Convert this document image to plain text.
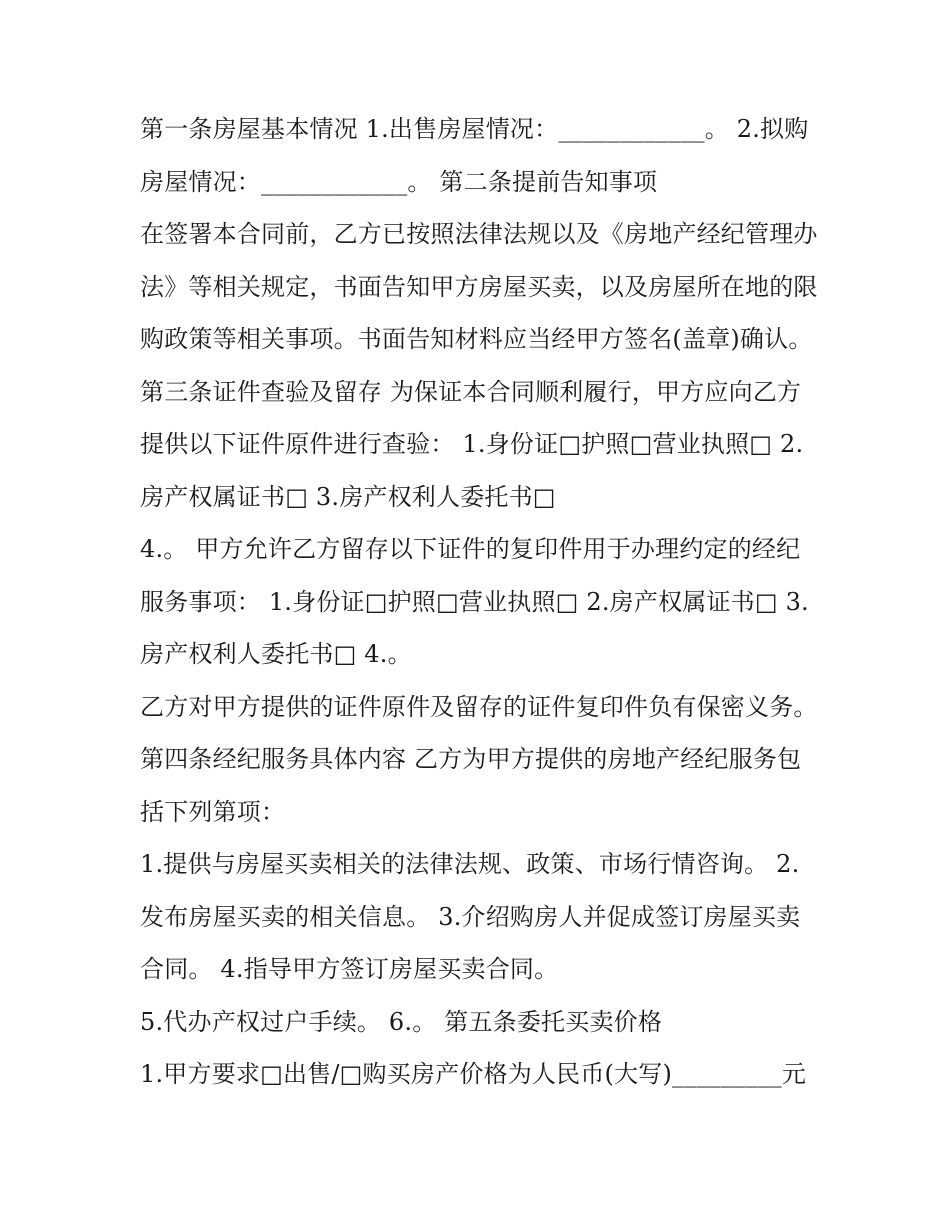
第一条房屋基本情况 1.出售房屋情况：____________。 2.拟购房屋情况：____________。 第二条提前告知事项

在签署本合同前，乙方已按照法律法规以及《房地产经纪管理办法》等相关规定，书面告知甲方房屋买卖，以及房屋所在地的限购政策等相关事项。书面告知材料应当经甲方签名(盖章)确认。

第三条证件查验及留存 为保证本合同顺利履行，甲方应向乙方提供以下证件原件进行查验： 1.身份证□护照□营业执照□ 2.房产权属证书□ 3.房产权利人委托书□

4.。 甲方允许乙方留存以下证件的复印件用于办理约定的经纪服务事项： 1.身份证□护照□营业执照□ 2.房产权属证书□ 3.房产权利人委托书□ 4.。

乙方对甲方提供的证件原件及留存的证件复印件负有保密义务。 第四条经纪服务具体内容 乙方为甲方提供的房地产经纪服务包括下列第项：

1.提供与房屋买卖相关的法律法规、政策、市场行情咨询。 2.发布房屋买卖的相关信息。 3.介绍购房人并促成签订房屋买卖合同。 4.指导甲方签订房屋买卖合同。

5.代办产权过户手续。 6.。 第五条委托买卖价格

1.甲方要求□出售/□购买房产价格为人民币(大写)_________元
